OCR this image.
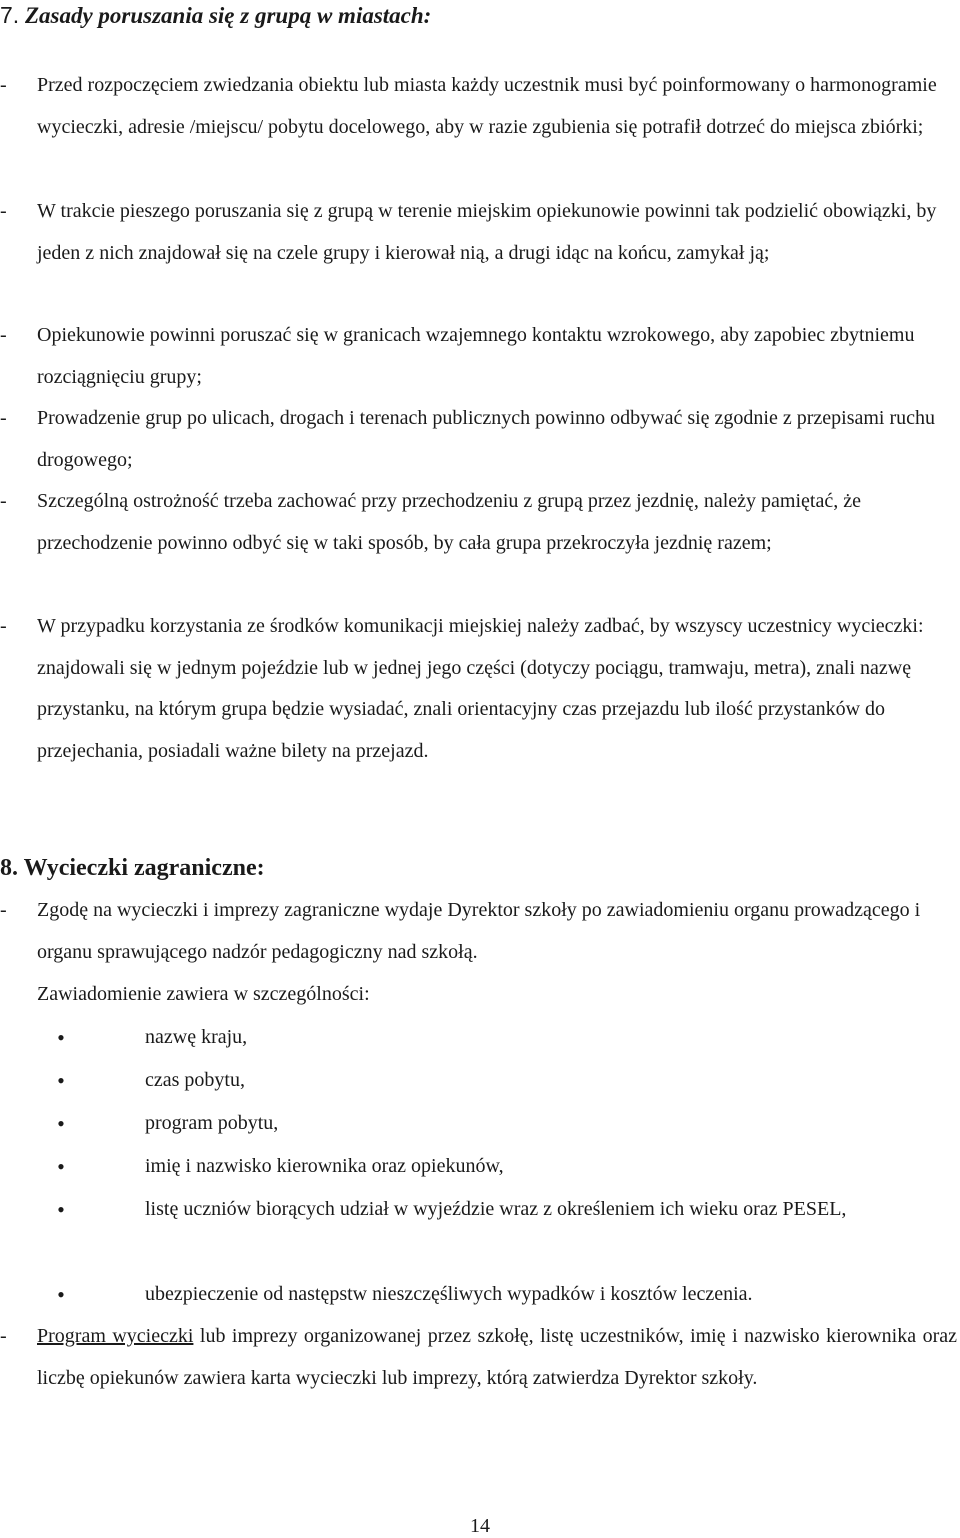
7. Zasady poruszania się z grupą w miastach:
-	Przed rozpoczęciem zwiedzania obiektu lub miasta każdy uczestnik musi być poinformowany o harmonogramie wycieczki, adresie /miejscu/ pobytu docelowego, aby w razie zgubienia się potrafił dotrzeć do miejsca zbiórki;
-	W trakcie pieszego poruszania się z grupą w terenie miejskim opiekunowie powinni tak podzielić obowiązki, by jeden z nich znajdował się na czele grupy i kierował nią, a drugi idąc na końcu, zamykał ją;
-	Opiekunowie powinni poruszać się w granicach wzajemnego kontaktu wzrokowego, aby zapobiec zbytniemu rozciągnięciu grupy;
-	Prowadzenie grup po ulicach, drogach i terenach publicznych powinno odbywać się zgodnie z przepisami ruchu drogowego;
-	Szczególną ostrożność trzeba zachować przy przechodzeniu z grupą przez jezdnię, należy pamiętać, że przechodzenie powinno odbyć się w taki sposób, by cała grupa przekroczyła jezdnię razem;
-	W przypadku korzystania ze środków komunikacji miejskiej należy zadbać, by wszyscy uczestnicy wycieczki: znajdowali się w jednym pojeździe lub w jednej jego części (dotyczy pociągu, tramwaju, metra), znali nazwę przystanku, na którym grupa będzie wysiadać, znali orientacyjny czas przejazdu lub ilość przystanków do przejechania, posiadali ważne bilety na przejazd.
8. Wycieczki zagraniczne:
-	Zgodę na wycieczki i imprezy zagraniczne wydaje Dyrektor szkoły po zawiadomieniu organu prowadzącego i organu sprawującego nadzór pedagogiczny nad szkołą.
Zawiadomienie zawiera w szczególności:
•	nazwę kraju,
•	czas pobytu,
•	program pobytu,
•	imię i nazwisko kierownika oraz opiekunów,
•	listę uczniów biorących udział w wyjeździe wraz z określeniem ich wieku oraz PESEL,
•	ubezpieczenie od następstw nieszczęśliwych wypadków i kosztów leczenia.
-	Program wycieczki lub imprezy organizowanej przez szkołę, listę uczestników, imię i nazwisko kierownika oraz liczbę opiekunów zawiera karta wycieczki lub imprezy, którą zatwierdza Dyrektor szkoły.
14
